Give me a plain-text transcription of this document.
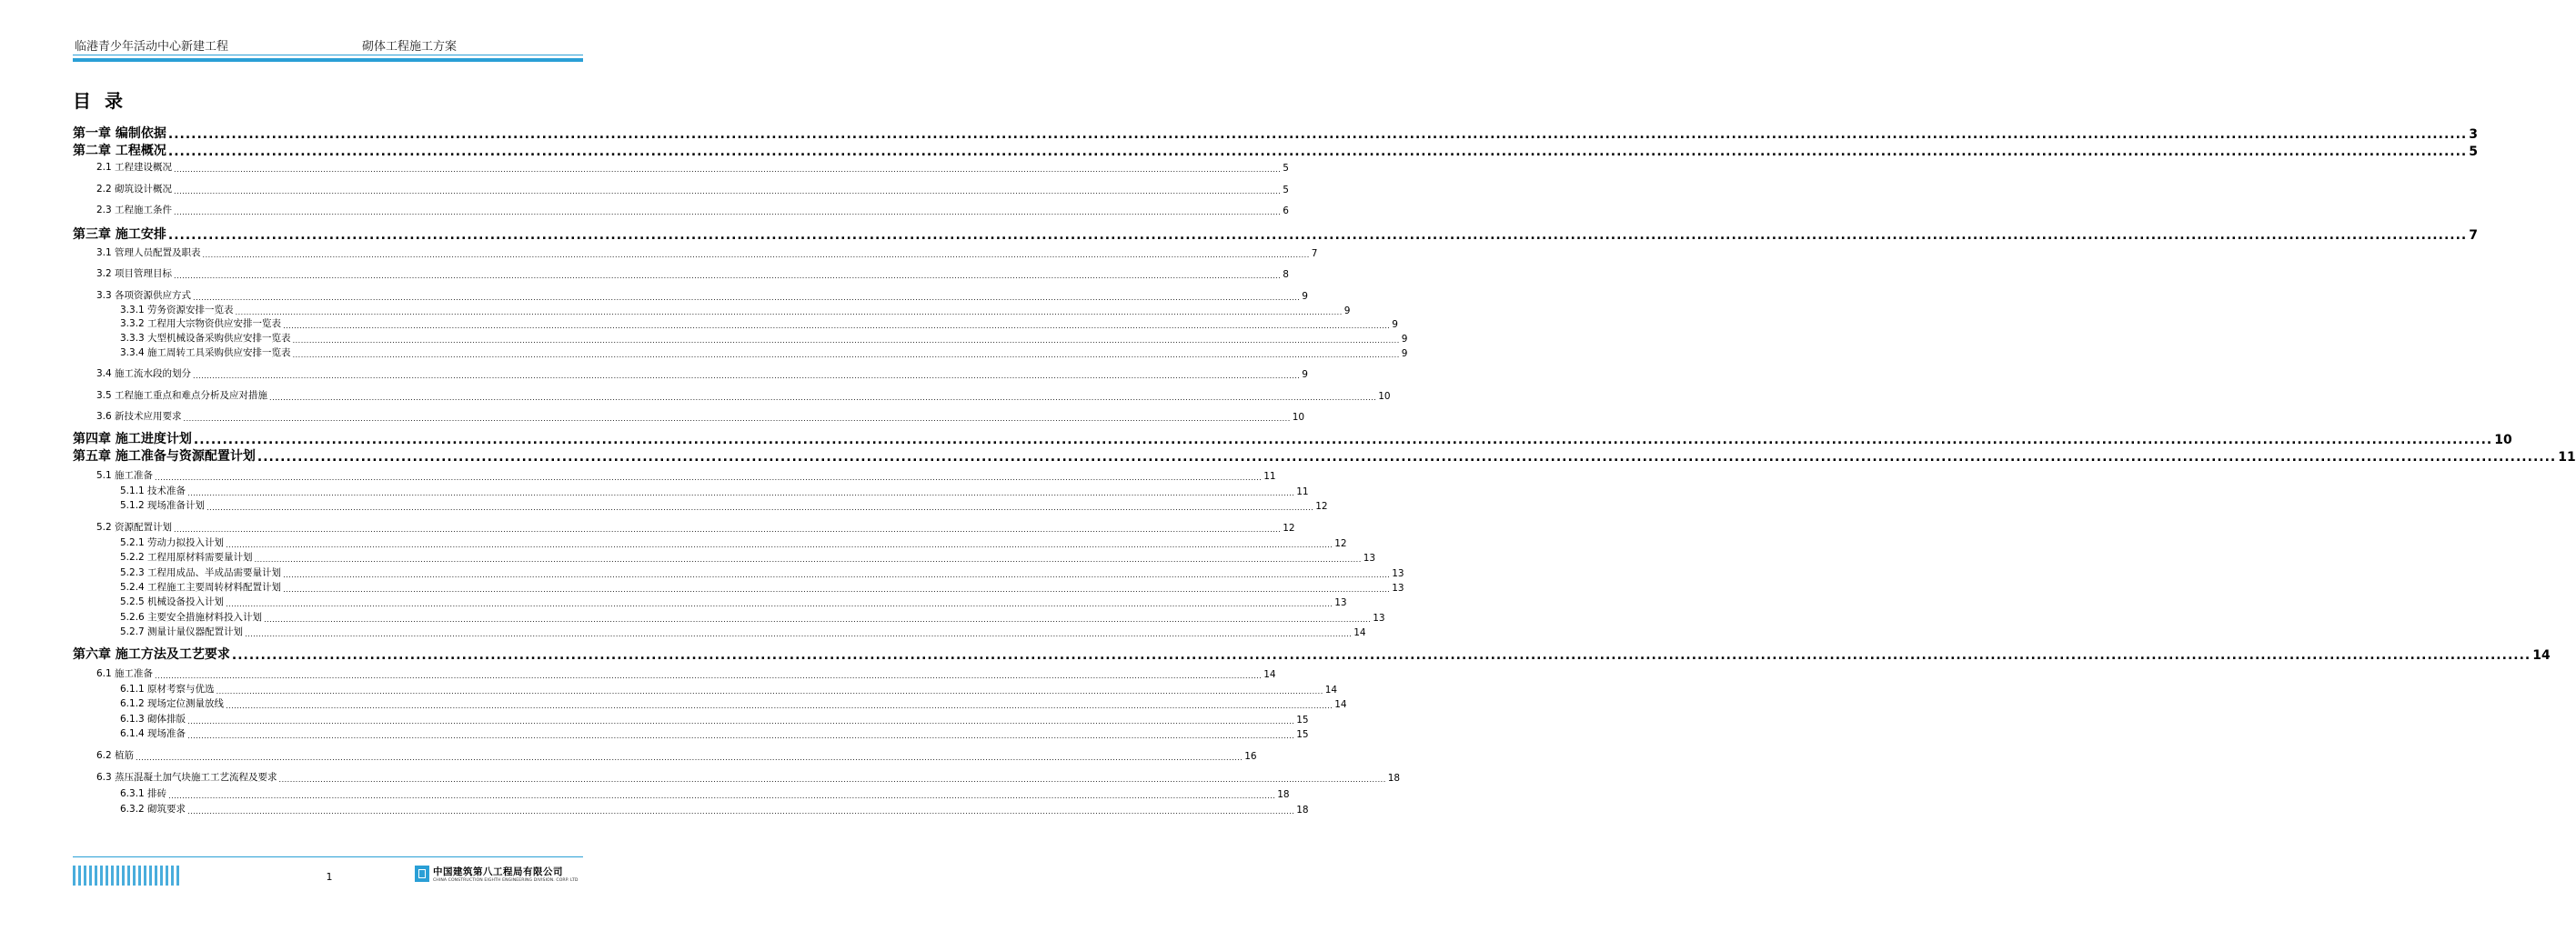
临港青少年活动中心新建工程	砌体工程施工方案
目 录
第一章 编制依据 ................................................................................................................................................................................................................................................................................................................................................................................................................ 3
第二章 工程概况 ................................................................................................................................................................................................................................................................................................................................................................................................................ 5
2.1 工程建设概况 ................................................................................................................................................................................................................................................................................................................................................................................................................ 5
2.2 砌筑设计概况 ................................................................................................................................................................................................................................................................................................................................................................................................................ 5
2.3 工程施工条件 ................................................................................................................................................................................................................................................................................................................................................................................................................ 6
第三章 施工安排 ................................................................................................................................................................................................................................................................................................................................................................................................................ 7
3.1 管理人员配置及职表 ................................................................................................................................................................................................................................................................................................................................................................................................................ 7
3.2 项目管理目标 ................................................................................................................................................................................................................................................................................................................................................................................................................ 8
3.3 各项资源供应方式 ................................................................................................................................................................................................................................................................................................................................................................................................................ 9
3.3.1 劳务资源安排一览表 ................................................................................................................................................................................................................................................................................................................................................................................................................ 9
3.3.2 工程用大宗物资供应安排一览表 ................................................................................................................................................................................................................................................................................................................................................................................................................ 9
3.3.3 大型机械设备采购供应安排一览表 ................................................................................................................................................................................................................................................................................................................................................................................................................ 9
3.3.4 施工周转工具采购供应安排一览表 ................................................................................................................................................................................................................................................................................................................................................................................................................ 9
3.4 施工流水段的划分 ................................................................................................................................................................................................................................................................................................................................................................................................................ 9
3.5 工程施工重点和难点分析及应对措施 ................................................................................................................................................................................................................................................................................................................................................................................................................ 10
3.6 新技术应用要求 ................................................................................................................................................................................................................................................................................................................................................................................................................ 10
第四章 施工进度计划 ................................................................................................................................................................................................................................................................................................................................................................................................................ 10
第五章 施工准备与资源配置计划 ................................................................................................................................................................................................................................................................................................................................................................................................................ 11
5.1 施工准备 ................................................................................................................................................................................................................................................................................................................................................................................................................ 11
5.1.1 技术准备 ................................................................................................................................................................................................................................................................................................................................................................................................................ 11
5.1.2 现场准备计划 ................................................................................................................................................................................................................................................................................................................................................................................................................ 12
5.2 资源配置计划 ................................................................................................................................................................................................................................................................................................................................................................................................................ 12
5.2.1 劳动力拟投入计划 ................................................................................................................................................................................................................................................................................................................................................................................................................ 12
5.2.2 工程用原材料需要量计划 ................................................................................................................................................................................................................................................................................................................................................................................................................ 13
5.2.3 工程用成品、半成品需要量计划 ................................................................................................................................................................................................................................................................................................................................................................................................................ 13
5.2.4 工程施工主要周转材料配置计划 ................................................................................................................................................................................................................................................................................................................................................................................................................ 13
5.2.5 机械设备投入计划 ................................................................................................................................................................................................................................................................................................................................................................................................................ 13
5.2.6 主要安全措施材料投入计划 ................................................................................................................................................................................................................................................................................................................................................................................................................ 13
5.2.7 测量计量仪器配置计划 ................................................................................................................................................................................................................................................................................................................................................................................................................ 14
第六章 施工方法及工艺要求 ................................................................................................................................................................................................................................................................................................................................................................................................................ 14
6.1 施工准备 ................................................................................................................................................................................................................................................................................................................................................................................................................ 14
6.1.1 原材考察与优选 ................................................................................................................................................................................................................................................................................................................................................................................................................ 14
6.1.2 现场定位测量放线 ................................................................................................................................................................................................................................................................................................................................................................................................................ 14
6.1.3 砌体排版 ................................................................................................................................................................................................................................................................................................................................................................................................................ 15
6.1.4 现场准备 ................................................................................................................................................................................................................................................................................................................................................................................................................ 15
6.2 植筋 ................................................................................................................................................................................................................................................................................................................................................................................................................ 16
6.3 蒸压混凝土加气块施工工艺流程及要求 ................................................................................................................................................................................................................................................................................................................................................................................................................ 18
6.3.1 排砖 ................................................................................................................................................................................................................................................................................................................................................................................................................ 18
6.3.2 砌筑要求 ................................................................................................................................................................................................................................................................................................................................................................................................................ 18
1	中国建筑第八工程局有限公司
CHINA CONSTRUCTION EIGHTH ENGINEERING DIVISION. CORP. LTD
